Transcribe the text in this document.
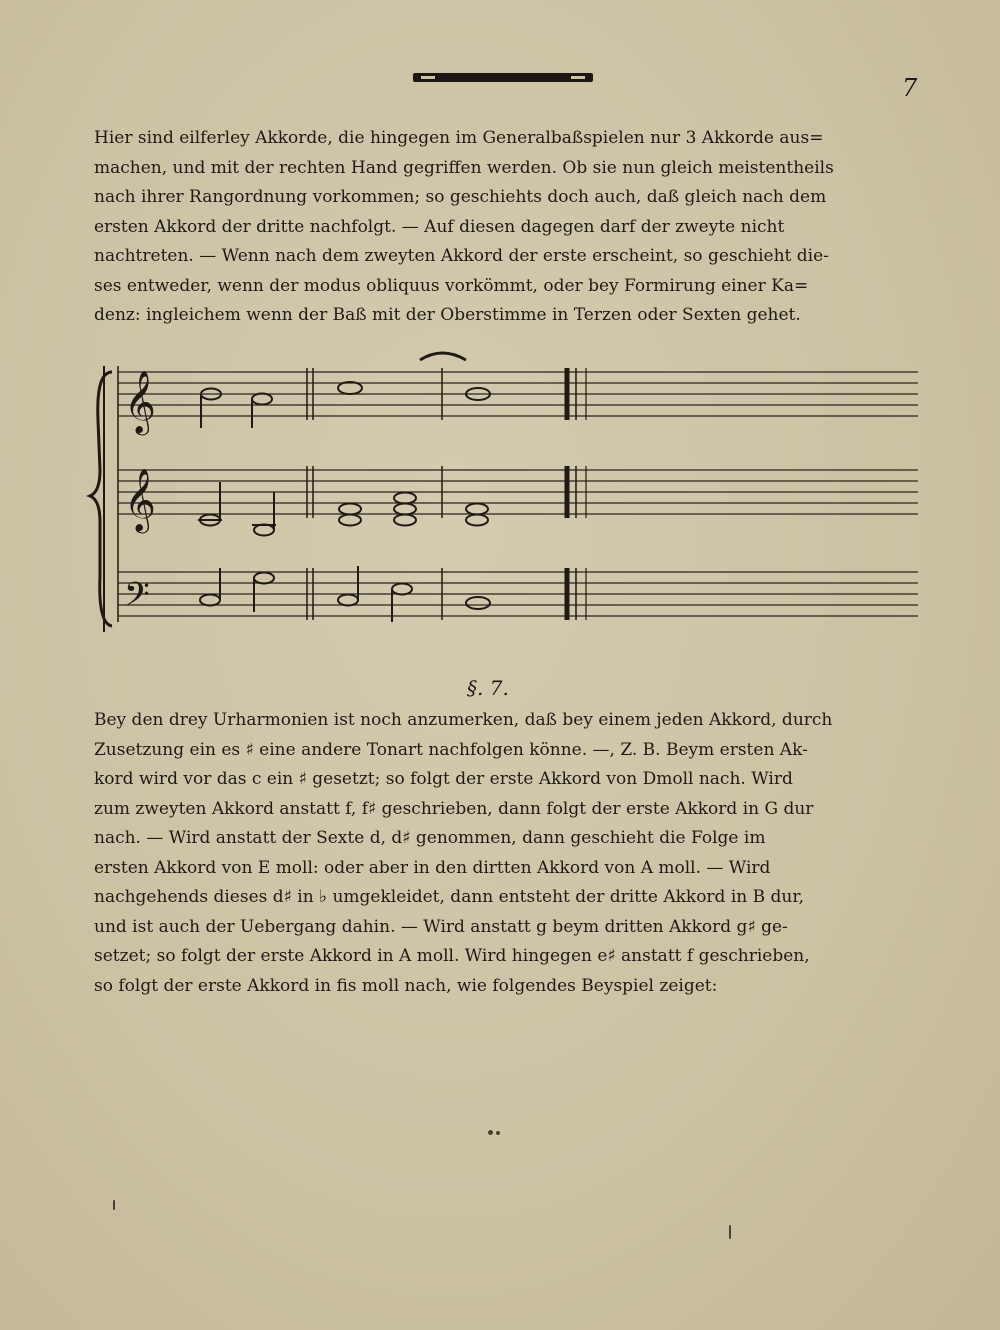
7
Hier sind eilferley Akkorde, die hingegen im Generalbaßspielen nur 3 Akkorde aus=
machen, und mit der rechten Hand gegriffen werden. Ob sie nun gleich meistentheils
nach ihrer Rangordnung vorkommen; so geschiehts doch auch, daß gleich nach dem
ersten Akkord der dritte nachfolgt. — Auf diesen dagegen darf der zweyte nicht
nachtreten. — Wenn nach dem zweyten Akkord der erste erscheint, so geschieht die-
ses entweder, wenn der modus obliquus vorkömmt, oder bey Formirung einer Ka=
denz: ingleichem wenn der Baß mit der Oberstimme in Terzen oder Sexten gehet.
𝄞
𝄞
𝄢
§. 7.
Bey den drey Urharmonien ist noch anzumerken, daß bey einem jeden Akkord, durch
Zusetzung ein es ♯ eine andere Tonart nachfolgen könne. —, Z. B. Beym ersten Ak-
kord wird vor das c ein ♯ gesetzt; so folgt der erste Akkord von Dmoll nach. Wird
zum zweyten Akkord anstatt f, f♯ geschrieben, dann folgt der erste Akkord in G dur
nach. — Wird anstatt der Sexte d, d♯ genommen, dann geschieht die Folge im
ersten Akkord von E moll: oder aber in den dirtten Akkord von A moll. — Wird
nachgehends dieses d♯ in ♭ umgekleidet, dann entsteht der dritte Akkord in B dur,
und ist auch der Uebergang dahin. — Wird anstatt g beym dritten Akkord g♯ ge-
setzet; so folgt der erste Akkord in A moll. Wird hingegen e♯ anstatt f geschrieben,
so folgt der erste Akkord in fis moll nach, wie folgendes Beyspiel zeiget:
